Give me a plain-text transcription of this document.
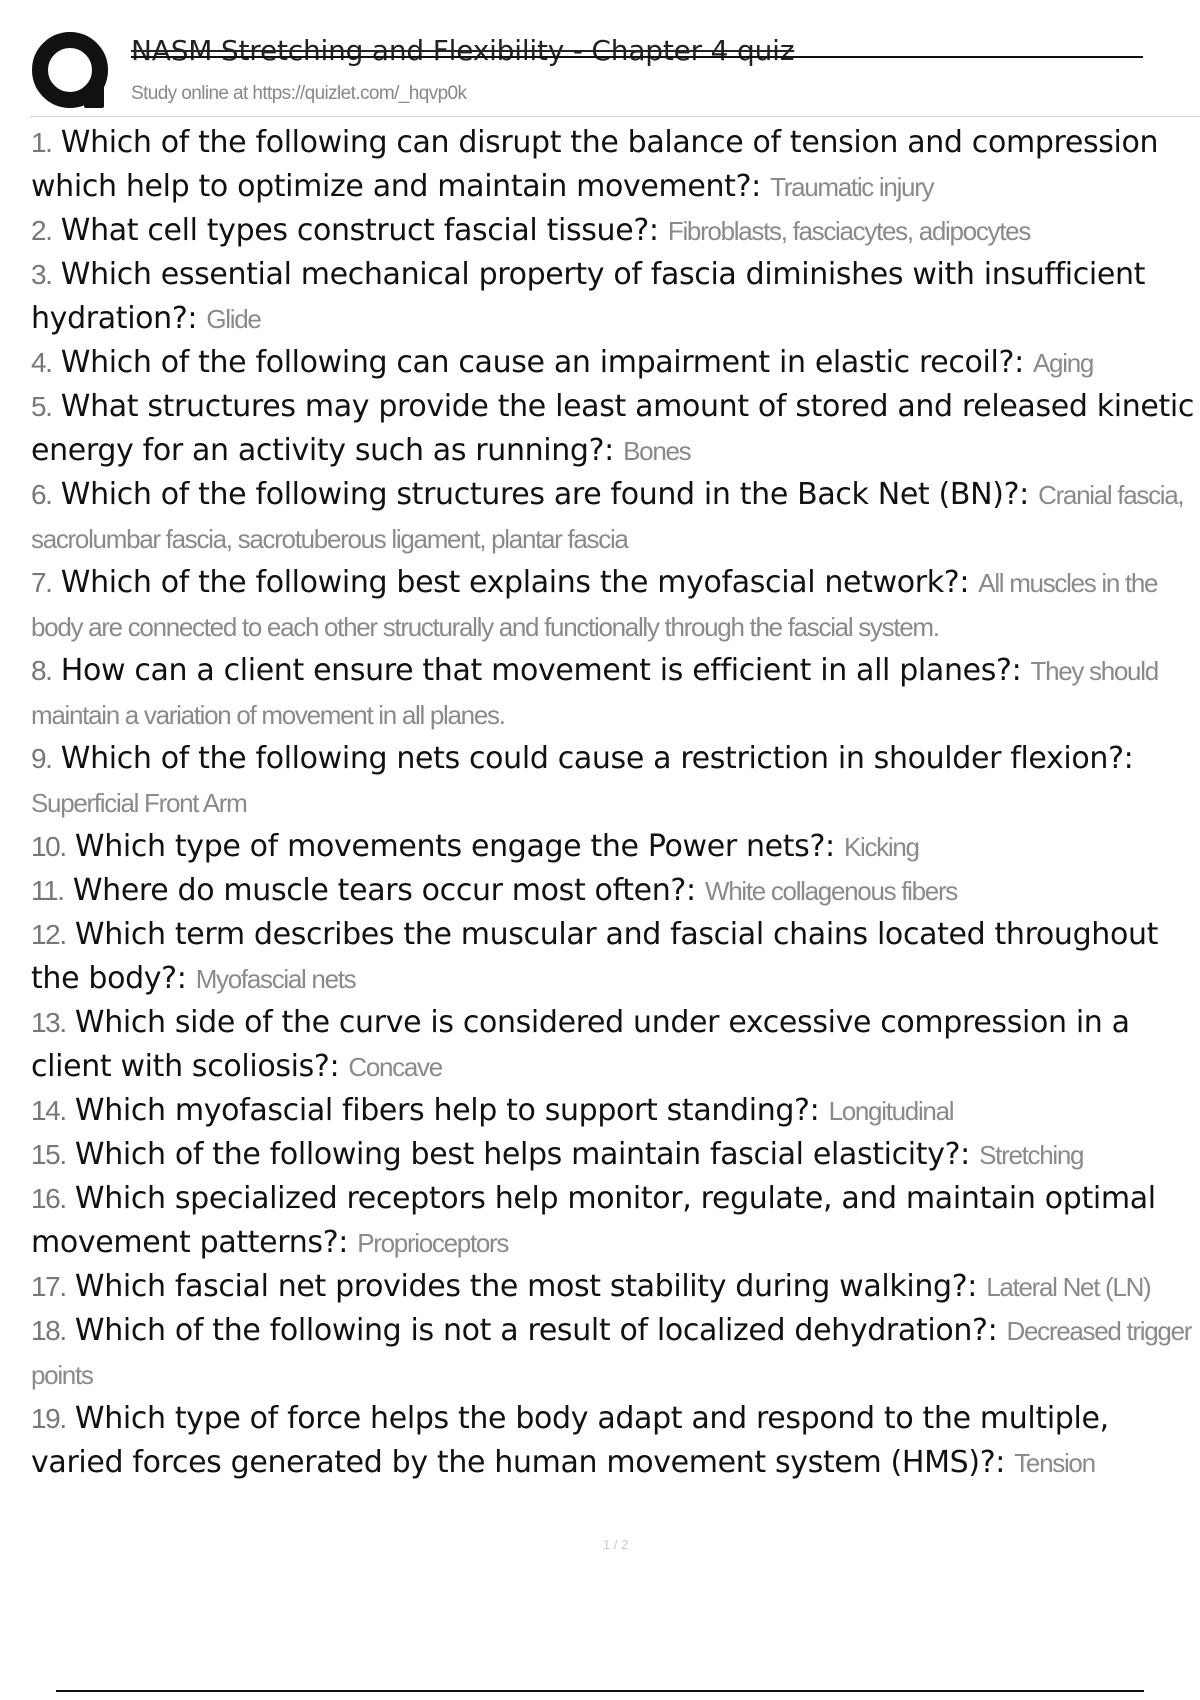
NASM Stretching and Flexibility - Chapter 4 quiz
Study online at https://quizlet.com/_hqvp0k
1. Which of the following can disrupt the balance of tension and compression which help to optimize and maintain movement?: Traumatic injury
2. What cell types construct fascial tissue?: Fibroblasts, fasciacytes, adipocytes
3. Which essential mechanical property of fascia diminishes with insufficient hydration?: Glide
4. Which of the following can cause an impairment in elastic recoil?: Aging
5. What structures may provide the least amount of stored and released kinetic energy for an activity such as running?: Bones
6. Which of the following structures are found in the Back Net (BN)?: Cranial fascia, sacrolumbar fascia, sacrotuberous ligament, plantar fascia
7. Which of the following best explains the myofascial network?: All muscles in the body are connected to each other structurally and functionally through the fascial system.
8. How can a client ensure that movement is efficient in all planes?: They should maintain a variation of movement in all planes.
9. Which of the following nets could cause a restriction in shoulder flexion?: Superficial Front Arm
10. Which type of movements engage the Power nets?: Kicking
11. Where do muscle tears occur most often?: White collagenous fibers
12. Which term describes the muscular and fascial chains located throughout the body?: Myofascial nets
13. Which side of the curve is considered under excessive compression in a client with scoliosis?: Concave
14. Which myofascial fibers help to support standing?: Longitudinal
15. Which of the following best helps maintain fascial elasticity?: Stretching
16. Which specialized receptors help monitor, regulate, and maintain optimal movement patterns?: Proprioceptors
17. Which fascial net provides the most stability during walking?: Lateral Net (LN)
18. Which of the following is not a result of localized dehydration?: Decreased trigger points
19. Which type of force helps the body adapt and respond to the multiple, varied forces generated by the human movement system (HMS)?: Tension
1 / 2
